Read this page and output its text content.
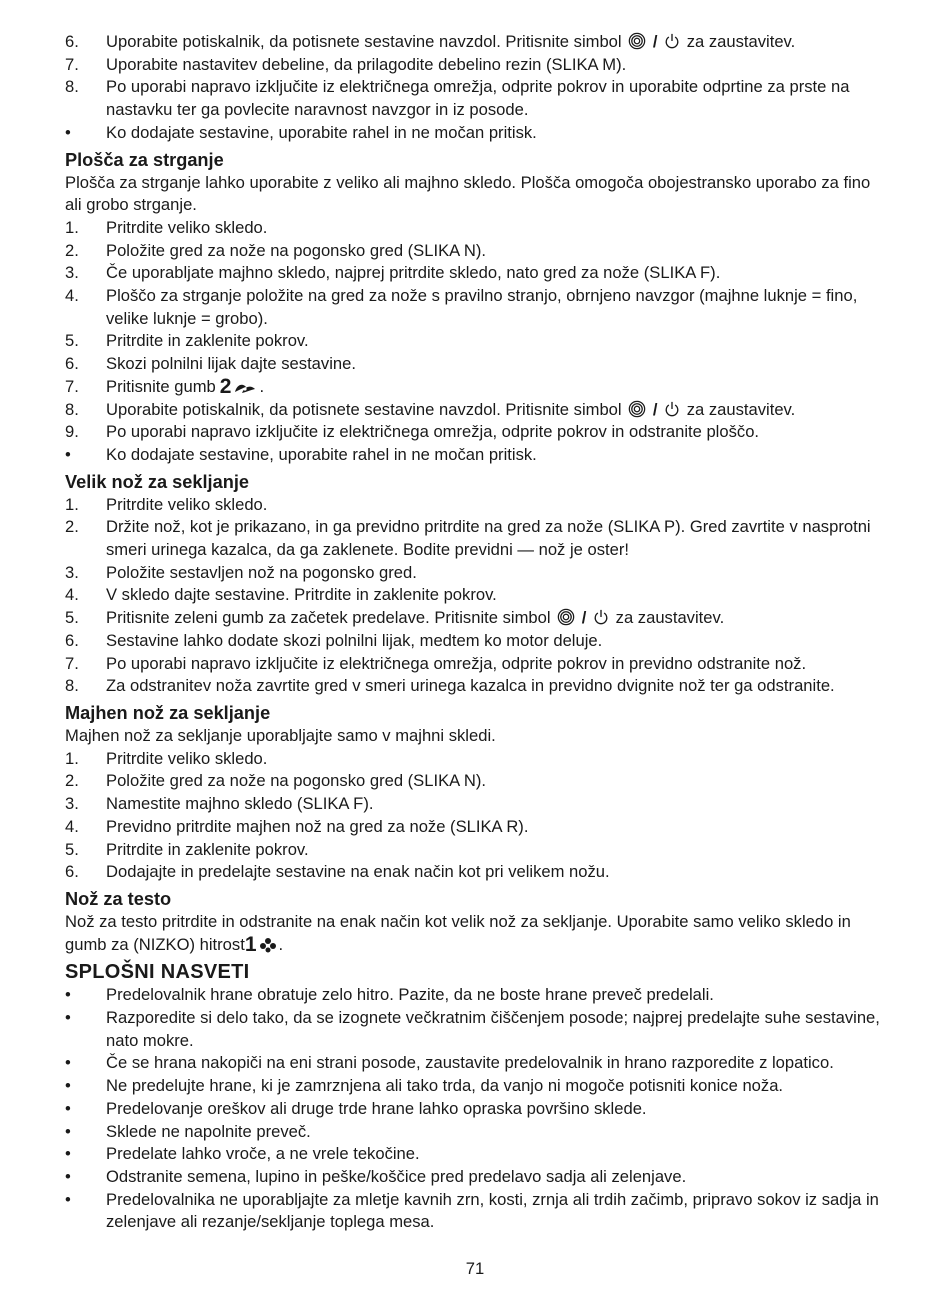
6. Uporabite potiskalnik, da potisnete sestavine navzdol. Pritisnite simbol  /  za zaustavitev.
7. Uporabite nastavitev debeline, da prilagodite debelino rezin (SLIKA M).
8. Po uporabi napravo izključite iz električnega omrežja, odprite pokrov in uporabite odprtine za prste na nastavku ter ga povlecite naravnost navzgor in iz posode.
• Ko dodajate sestavine, uporabite rahel in ne močan pritisk.
Plošča za strganje

Plošča za strganje lahko uporabite z veliko ali majhno skledo. Plošča omogoča obojestransko uporabo za fino ali grobo strganje.

1. Pritrdite veliko skledo.
2. Položite gred za nože na pogonsko gred (SLIKA N).
3. Če uporabljate majhno skledo, najprej pritrdite skledo, nato gred za nože (SLIKA F).
4. Ploščo za strganje položite na gred za nože s pravilno stranjo, obrnjeno navzgor (majhne luknje = fino, velike luknje = grobo).
5. Pritrdite in zaklenite pokrov.
6. Skozi polnilni lijak dajte sestavine.
7. Pritisnite gumb 2 .
8. Uporabite potiskalnik, da potisnete sestavine navzdol. Pritisnite simbol  /  za zaustavitev.
9. Po uporabi napravo izključite iz električnega omrežja, odprite pokrov in odstranite ploščo.
• Ko dodajate sestavine, uporabite rahel in ne močan pritisk.
Velik nož za sekljanje
1. Pritrdite veliko skledo.
2. Držite nož, kot je prikazano, in ga previdno pritrdite na gred za nože (SLIKA P). Gred zavrtite v nasprotni smeri urinega kazalca, da ga zaklenete. Bodite previdni — nož je oster!
3. Položite sestavljen nož na pogonsko gred.
4. V skledo dajte sestavine. Pritrdite in zaklenite pokrov.
5. Pritisnite zeleni gumb za začetek predelave. Pritisnite simbol  /  za zaustavitev.
6. Sestavine lahko dodate skozi polnilni lijak, medtem ko motor deluje.
7. Po uporabi napravo izključite iz električnega omrežja, odprite pokrov in previdno odstranite nož.
8. Za odstranitev noža zavrtite gred v smeri urinega kazalca in previdno dvignite nož ter ga odstranite.
Majhen nož za sekljanje

Majhen nož za sekljanje uporabljajte samo v majhni skledi.

1. Pritrdite veliko skledo.
2. Položite gred za nože na pogonsko gred (SLIKA N).
3. Namestite majhno skledo (SLIKA F).
4. Previdno pritrdite majhen nož na gred za nože (SLIKA R).
5. Pritrdite in zaklenite pokrov.
6. Dodajajte in predelajte sestavine na enak način kot pri velikem nožu.
Nož za testo

Nož za testo pritrdite in odstranite na enak način kot velik nož za sekljanje. Uporabite samo veliko skledo in gumb za (NIZKO) hitrost1 .

SPLOŠNI NASVETI
• Predelovalnik hrane obratuje zelo hitro. Pazite, da ne boste hrane preveč predelali.
• Razporedite si delo tako, da se izognete večkratnim čiščenjem posode; najprej predelajte suhe sestavine, nato mokre.
• Če se hrana nakopiči na eni strani posode, zaustavite predelovalnik in hrano razporedite z lopatico.
• Ne predelujte hrane, ki je zamrznjena ali tako trda, da vanjo ni mogoče potisniti konice noža.
• Predelovanje oreškov ali druge trde hrane lahko opraska površino sklede.
• Sklede ne napolnite preveč.
• Predelate lahko vroče, a ne vrele tekočine.
• Odstranite semena, lupino in peške/koščice pred predelavo sadja ali zelenjave.
• Predelovalnika ne uporabljajte za mletje kavnih zrn, kosti, zrnja ali trdih začimb, pripravo sokov iz sadja in zelenjave ali rezanje/sekljanje toplega mesa.
71
